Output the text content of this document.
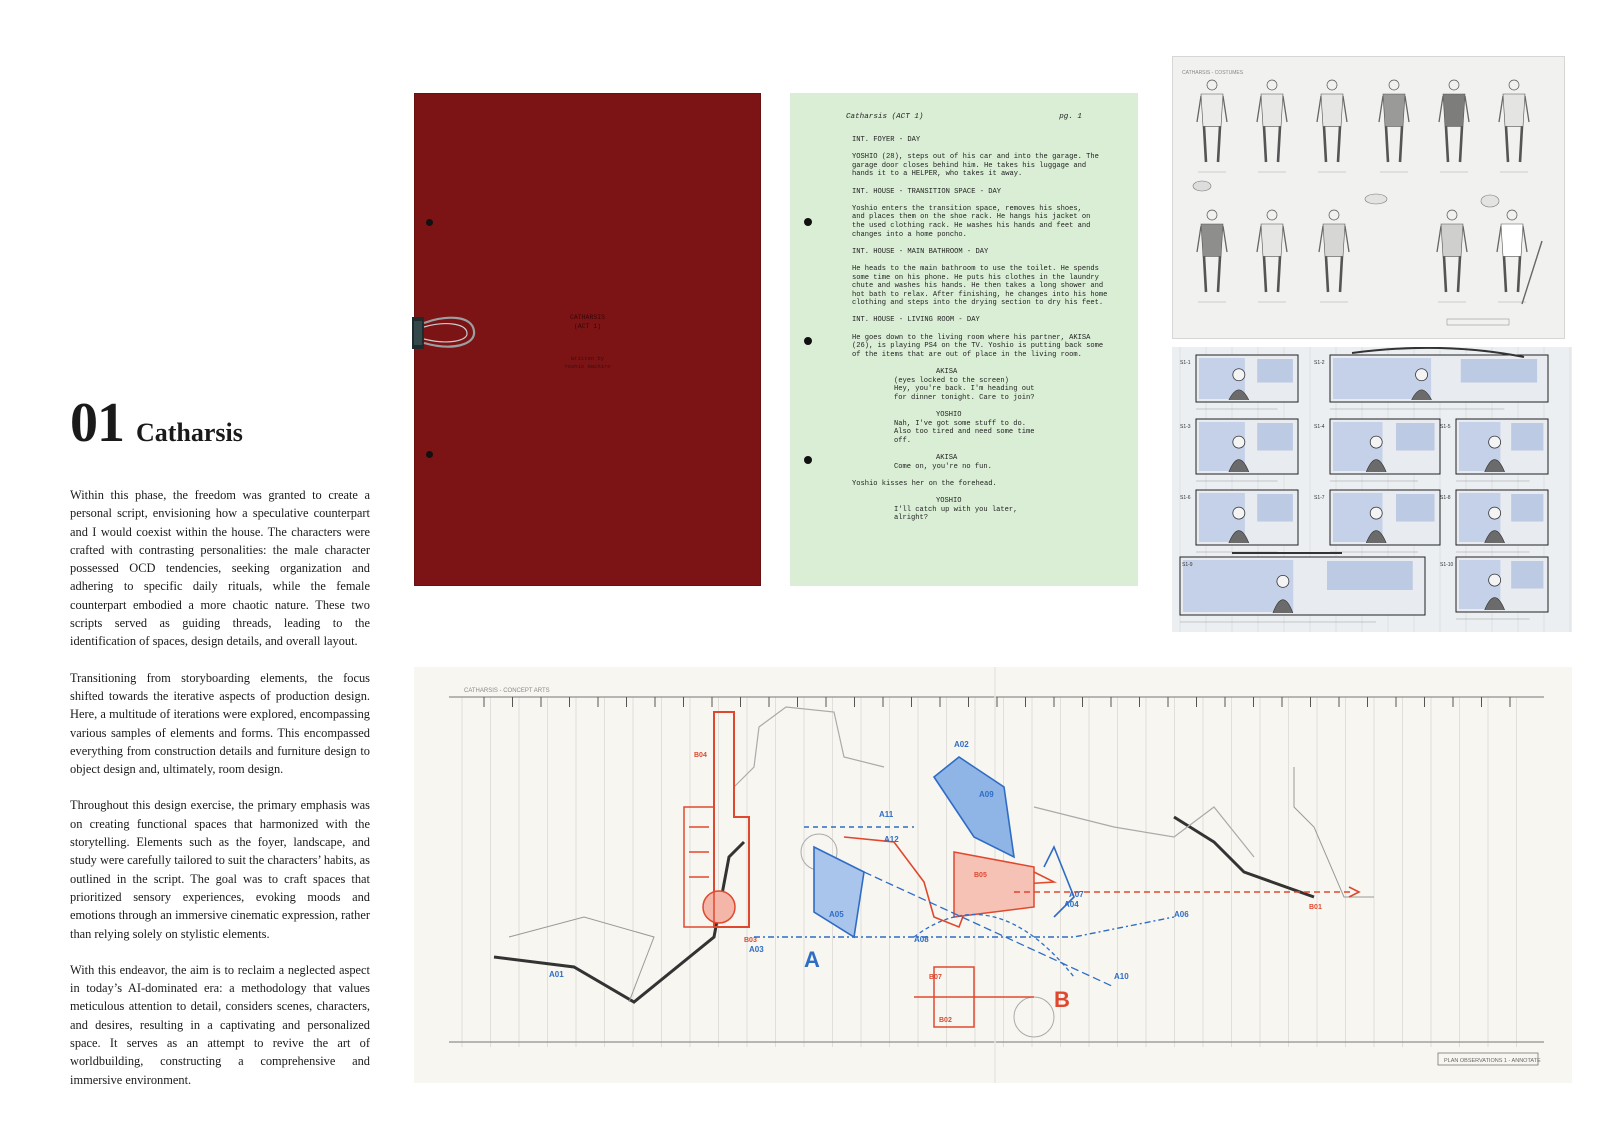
01 Catharsis

Within this phase, the freedom was granted to create a personal script, envisioning how a speculative counterpart and I would coexist within the house. The characters were crafted with contrasting personalities: the male character possessed OCD tendencies, seeking organization and adhering to specific daily rituals, while the female counterpart embodied a more chaotic nature. These two scripts served as guiding threads, leading to the identification of spaces, design details, and overall layout.

Transitioning from storyboarding elements, the focus shifted towards the iterative aspects of production design. Here, a multitude of iterations were explored, encompassing various samples of elements and forms. This encompassed everything from construction details and furniture design to object design and, ultimately, room design.

Throughout this design exercise, the primary emphasis was on creating functional spaces that harmonized with the storytelling. Elements such as the foyer, landscape, and study were carefully tailored to suit the characters’ habits, as outlined in the script. The goal was to craft spaces that prioritized sensory experiences, evoking moods and emotions through an immersive cinematic expression, rather than relying solely on stylistic elements.

With this endeavor, the aim is to reclaim a neglected aspect in today’s AI-dominated era: a methodology that values meticulous attention to detail, considers scenes, characters, and desires, resulting in a captivating and personalized space. It serves as an attempt to revive the art of worldbuilding, constructing a comprehensive and immersive environment.

CATHARSIS
(ACT 1)
Written by
Yoshio Hachiro
Catharsis (ACT 1)	pg. 1
INT. FOYER - DAY
YOSHIO (28), steps out of his car and into the garage. The
garage door closes behind him. He takes his luggage and
hands it to a HELPER, who takes it away.
INT. HOUSE - TRANSITION SPACE - DAY
Yoshio enters the transition space, removes his shoes,
and places them on the shoe rack. He hangs his jacket on
the used clothing rack. He washes his hands and feet and
changes into a home poncho.
INT. HOUSE - MAIN BATHROOM - DAY
He heads to the main bathroom to use the toilet. He spends
some time on his phone. He puts his clothes in the laundry
chute and washes his hands. He then takes a long shower and
hot bath to relax. After finishing, he changes into his home
clothing and steps into the drying section to dry his feet.
INT. HOUSE - LIVING ROOM - DAY
He goes down to the living room where his partner, AKISA
(26), is playing PS4 on the TV. Yoshio is putting back some
of the items that are out of place in the living room.
AKISA
(eyes locked to the screen)
Hey, you're back. I'm heading out
for dinner tonight. Care to join?
YOSHIO
Nah, I've got some stuff to do.
Also too tired and need some time
off.
AKISA
Come on, you're no fun.
Yoshio kisses her on the forehead.
YOSHIO
I'll catch up with you later,
alright?
CATHARSIS - COSTUMES
S1-1	S1-2
S1-3	S1-4	S1-5
S1-6	S1-7	S1-8
S1-9	S1-10
CATHARSIS - CONCEPT ARTS
PLAN OBSERVATIONS 1 - ANNOTATE
B01
B02
B03
B04
B05
B07
B
A01
A02
A03
A04
A05	A06
A07
A08
A09
A10
A11
A12
A
